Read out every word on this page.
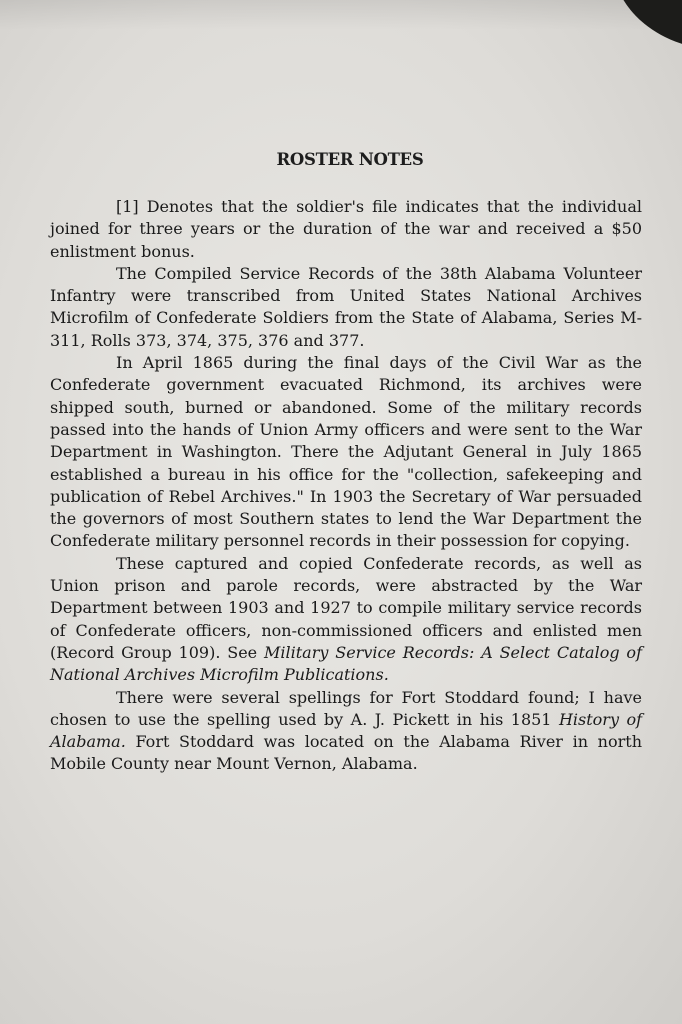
ROSTER NOTES

[1] Denotes that the soldier's file indicates that the individual joined for three years or the duration of the war and received a $50 enlistment bonus.

The Compiled Service Records of the 38th Alabama Volunteer Infantry were transcribed from United States National Archives Microfilm of Confederate Soldiers from the State of Alabama, Series M-311, Rolls 373, 374, 375, 376 and 377.

In April 1865 during the final days of the Civil War as the Confederate government evacuated Richmond, its archives were shipped south, burned or abandoned. Some of the military records passed into the hands of Union Army officers and were sent to the War Department in Washington. There the Adjutant General in July 1865 established a bureau in his office for the "collection, safekeeping and publication of Rebel Archives." In 1903 the Secretary of War persuaded the governors of most Southern states to lend the War Department the Confederate military personnel records in their possession for copying.

These captured and copied Confederate records, as well as Union prison and parole records, were abstracted by the War Department between 1903 and 1927 to compile military service records of Confederate officers, non-commissioned officers and enlisted men (Record Group 109). See Military Service Records: A Select Catalog of National Archives Microfilm Publications.

There were several spellings for Fort Stoddard found; I have chosen to use the spelling used by A. J. Pickett in his 1851 History of Alabama. Fort Stoddard was located on the Alabama River in north Mobile County near Mount Vernon, Alabama.
